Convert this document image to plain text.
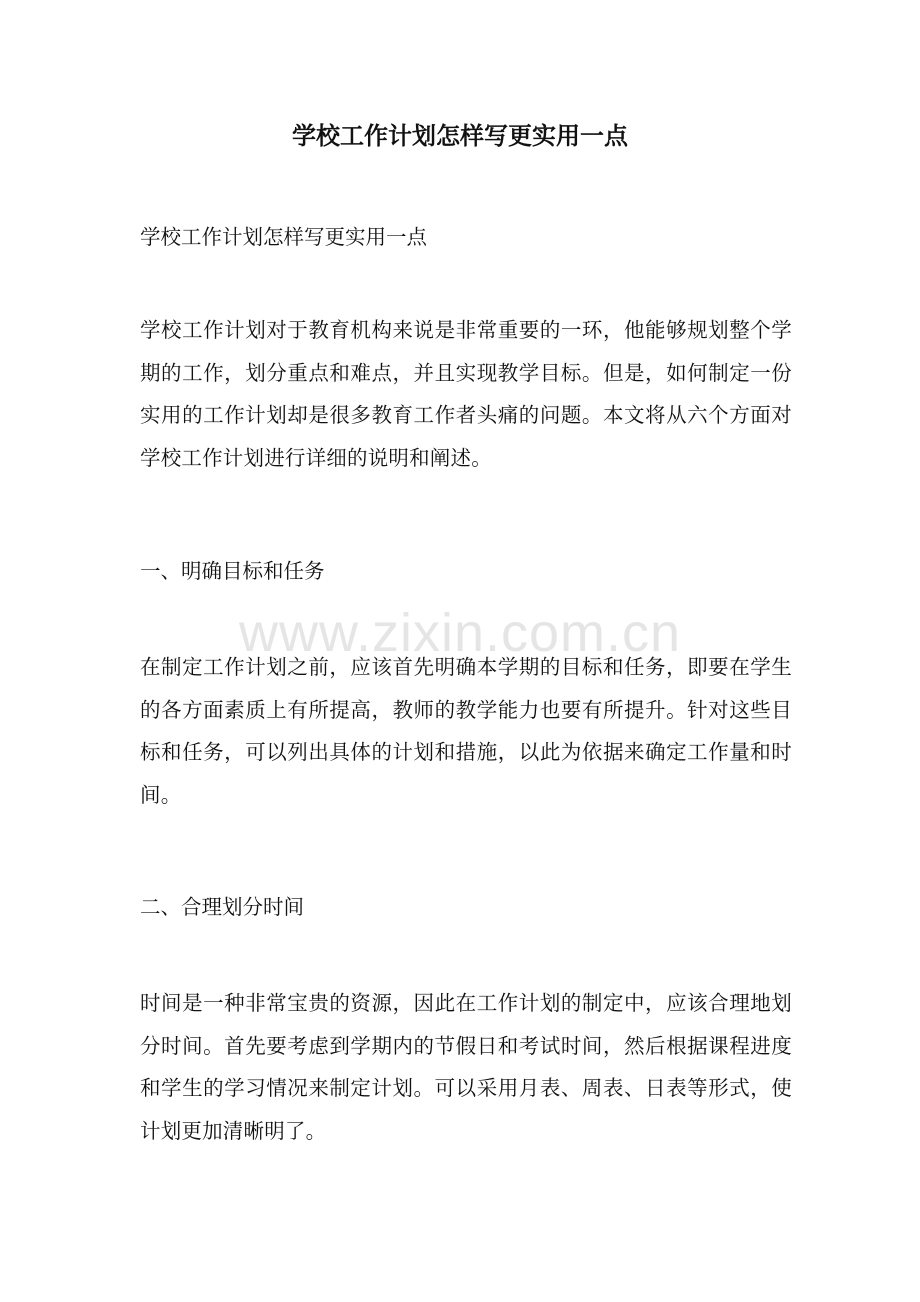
学校工作计划怎样写更实用一点

学校工作计划怎样写更实用一点

学校工作计划对于教育机构来说是非常重要的一环，他能够规划整个学期的工作，划分重点和难点，并且实现教学目标。但是，如何制定一份实用的工作计划却是很多教育工作者头痛的问题。本文将从六个方面对学校工作计划进行详细的说明和阐述。

一、明确目标和任务

在制定工作计划之前，应该首先明确本学期的目标和任务，即要在学生的各方面素质上有所提高，教师的教学能力也要有所提升。针对这些目标和任务，可以列出具体的计划和措施，以此为依据来确定工作量和时间。

二、合理划分时间

时间是一种非常宝贵的资源，因此在工作计划的制定中，应该合理地划分时间。首先要考虑到学期内的节假日和考试时间，然后根据课程进度和学生的学习情况来制定计划。可以采用月表、周表、日表等形式，使计划更加清晰明了。

www.zixin.com.cn
